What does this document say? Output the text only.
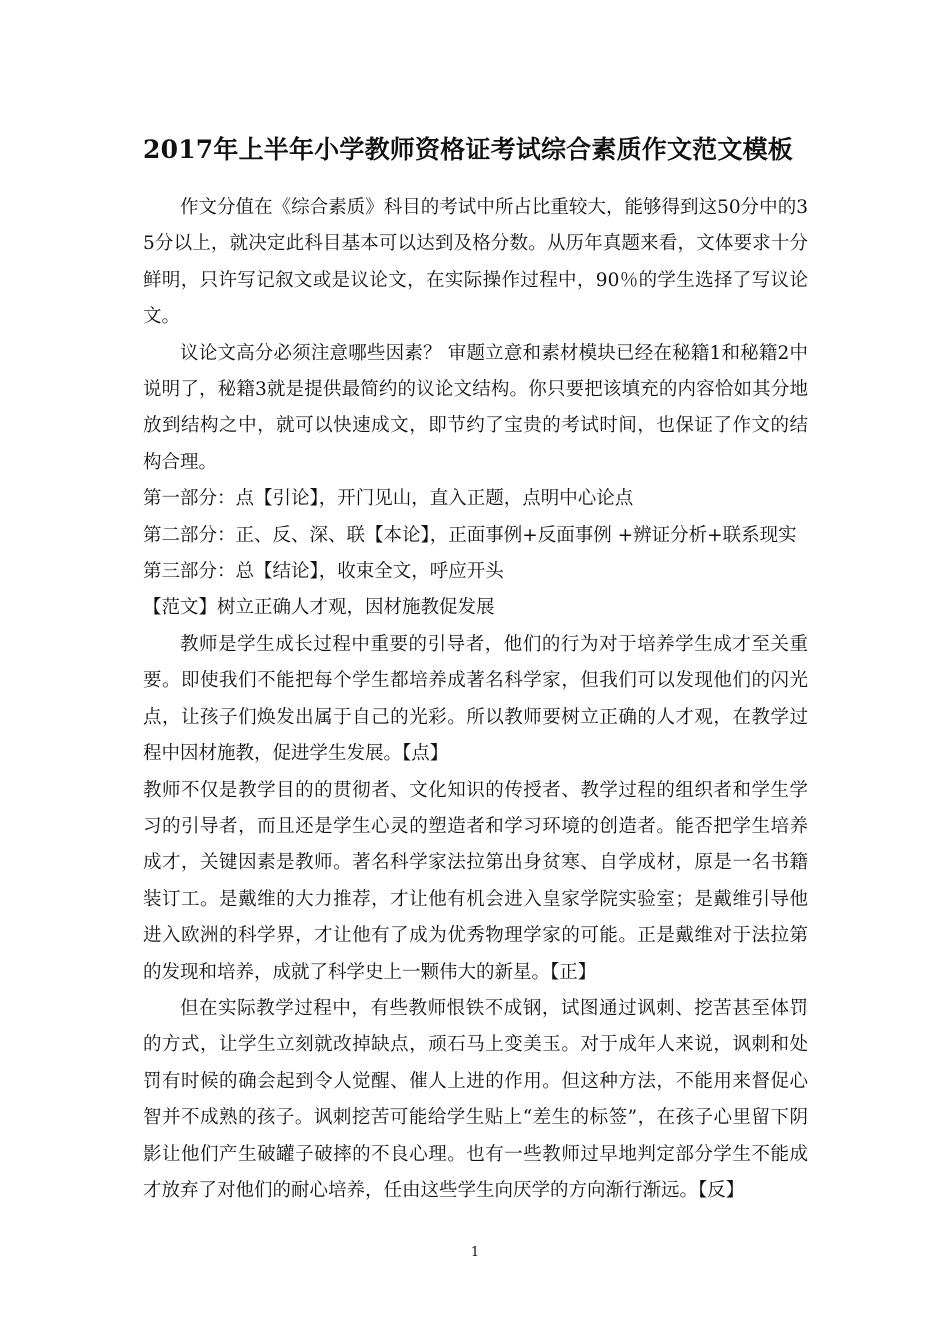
2017年上半年小学教师资格证考试综合素质作文范文模板

作文分值在《综合素质》科目的考试中所占比重较大，能够得到这50分中的35分以上，就决定此科目基本可以达到及格分数。从历年真题来看，文体要求十分鲜明，只许写记叙文或是议论文，在实际操作过程中，90％的学生选择了写议论文。

议论文高分必须注意哪些因素？ 审题立意和素材模块已经在秘籍1和秘籍2中说明了，秘籍3就是提供最简约的议论文结构。你只要把该填充的内容恰如其分地放到结构之中，就可以快速成文，即节约了宝贵的考试时间，也保证了作文的结构合理。

第一部分：点【引论】，开门见山，直入正题，点明中心论点

第二部分：正、反、深、联【本论】，正面事例+反面事例 +辨证分析+联系现实

第三部分：总【结论】，收束全文，呼应开头

【范文】树立正确人才观，因材施教促发展

教师是学生成长过程中重要的引导者，他们的行为对于培养学生成才至关重要。即使我们不能把每个学生都培养成著名科学家，但我们可以发现他们的闪光点，让孩子们焕发出属于自己的光彩。所以教师要树立正确的人才观，在教学过程中因材施教，促进学生发展。【点】

教师不仅是教学目的的贯彻者、文化知识的传授者、教学过程的组织者和学生学习的引导者，而且还是学生心灵的塑造者和学习环境的创造者。能否把学生培养成才，关键因素是教师。著名科学家法拉第出身贫寒、自学成材，原是一名书籍装订工。是戴维的大力推荐，才让他有机会进入皇家学院实验室；是戴维引导他进入欧洲的科学界，才让他有了成为优秀物理学家的可能。正是戴维对于法拉第的发现和培养，成就了科学史上一颗伟大的新星。【正】

但在实际教学过程中，有些教师恨铁不成钢，试图通过讽刺、挖苦甚至体罚的方式，让学生立刻就改掉缺点，顽石马上变美玉。对于成年人来说，讽刺和处罚有时候的确会起到令人觉醒、催人上进的作用。但这种方法，不能用来督促心智并不成熟的孩子。讽刺挖苦可能给学生贴上“差生的标签”，在孩子心里留下阴影让他们产生破罐子破摔的不良心理。也有一些教师过早地判定部分学生不能成才放弃了对他们的耐心培养，任由这些学生向厌学的方向渐行渐远。【反】

1
